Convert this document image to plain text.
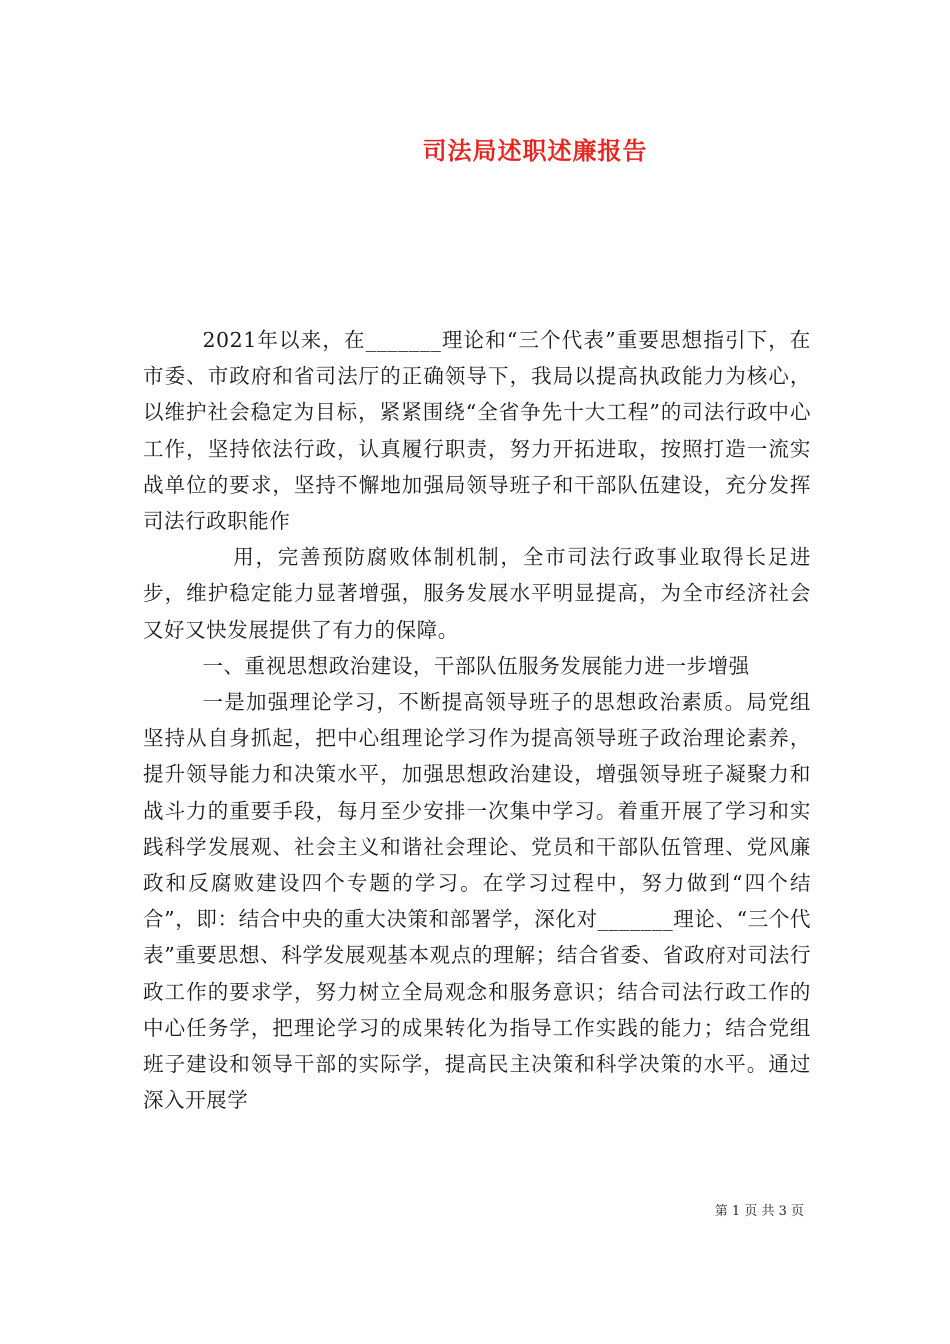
司法局述职述廉报告

2021年以来，在_______理论和“三个代表”重要思想指引下，在市委、市政府和省司法厅的正确领导下，我局以提高执政能力为核心，以维护社会稳定为目标，紧紧围绕“全省争先十大工程”的司法行政中心工作，坚持依法行政，认真履行职责，努力开拓进取，按照打造一流实战单位的要求，坚持不懈地加强局领导班子和干部队伍建设，充分发挥司法行政职能作

用，完善预防腐败体制机制，全市司法行政事业取得长足进步，维护稳定能力显著增强，服务发展水平明显提高，为全市经济社会又好又快发展提供了有力的保障。

一、重视思想政治建设，干部队伍服务发展能力进一步增强

一是加强理论学习，不断提高领导班子的思想政治素质。局党组坚持从自身抓起，把中心组理论学习作为提高领导班子政治理论素养，提升领导能力和决策水平，加强思想政治建设，增强领导班子凝聚力和战斗力的重要手段，每月至少安排一次集中学习。着重开展了学习和实践科学发展观、社会主义和谐社会理论、党员和干部队伍管理、党风廉政和反腐败建设四个专题的学习。在学习过程中，努力做到“四个结合”，即：结合中央的重大决策和部署学，深化对_______理论、“三个代表”重要思想、科学发展观基本观点的理解；结合省委、省政府对司法行政工作的要求学，努力树立全局观念和服务意识；结合司法行政工作的中心任务学，把理论学习的成果转化为指导工作实践的能力；结合党组班子建设和领导干部的实际学，提高民主决策和科学决策的水平。通过深入开展学

第 1 页 共 3 页
